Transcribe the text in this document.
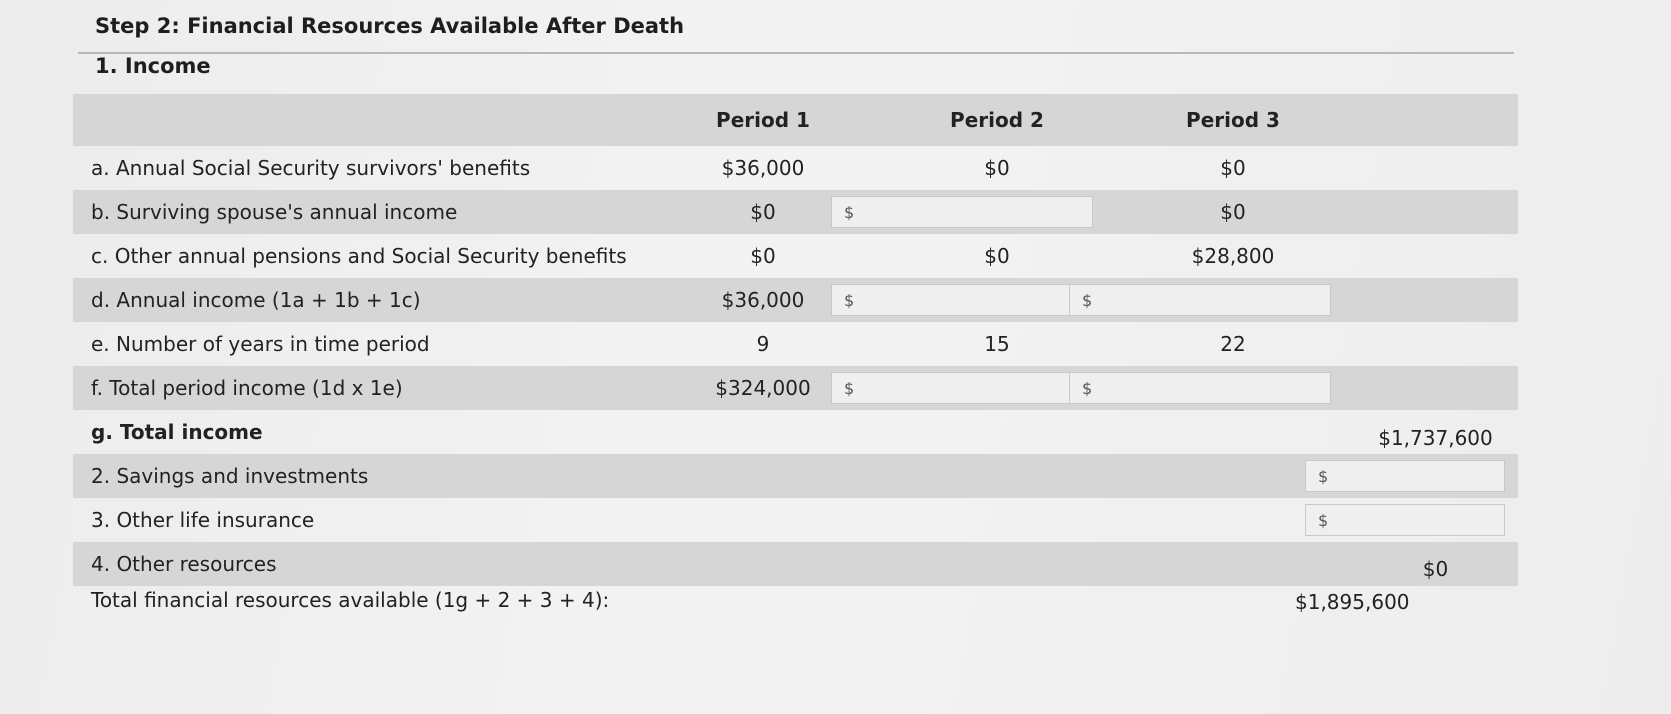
Step 2: Financial Resources Available After Death
1. Income
Period 1	Period 2	Period 3
a. Annual Social Security survivors' benefits	$36,000	$0	$0
b. Surviving spouse's annual income	$0	$	$0
c. Other annual pensions and Social Security benefits	$0	$0	$28,800
d. Annual income (1a + 1b + 1c)	$36,000	$	$
e. Number of years in time period	9	15	22
f. Total period income (1d x 1e)	$324,000	$	$
g. Total income	$1,737,600
2. Savings and investments	$
3. Other life insurance	$
4. Other resources	$0
Total financial resources available (1g + 2 + 3 + 4):	$1,895,600
